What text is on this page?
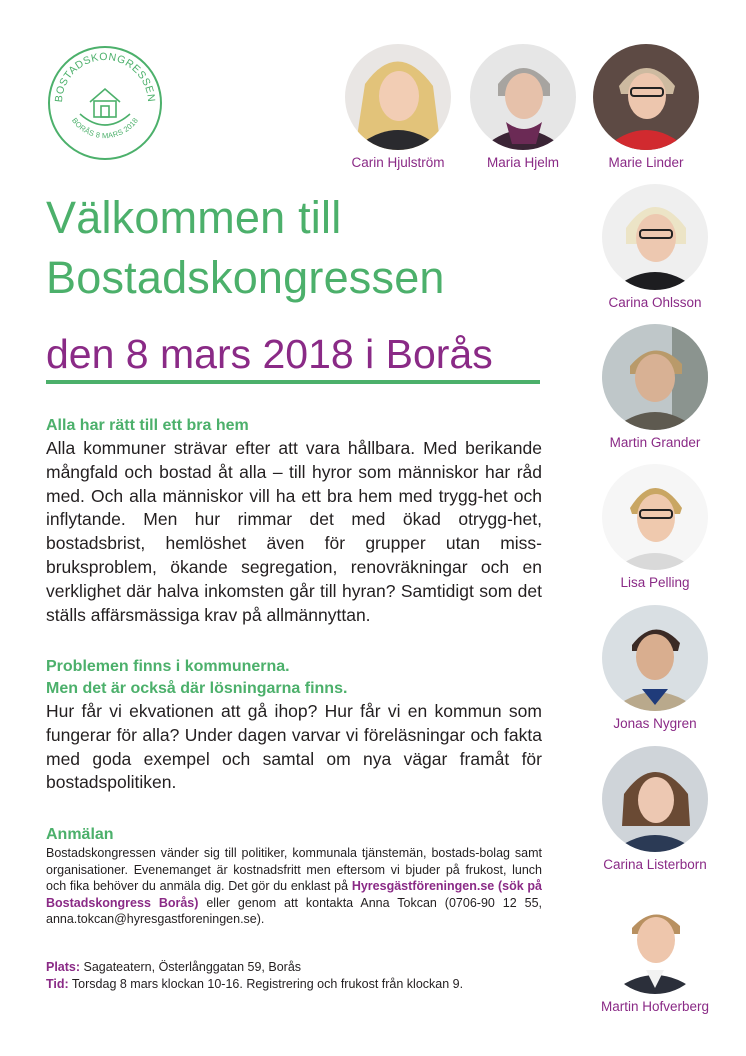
BOSTADSKONGRESSEN
BORÅS 8 MARS 2018
Välkommen till
Bostadskongressen
den 8 mars 2018 i Borås
Alla har rätt till ett bra hem

Alla kommuner strävar efter att vara hållbara. Med berikande mångfald och bostad åt alla – till hyror som människor har råd med. Och alla människor vill ha ett bra hem med trygg-het och inflytande. Men hur rimmar det med ökad otrygg-het, bostadsbrist, hemlöshet även för grupper utan miss-bruksproblem, ökande segregation, renovräkningar och en verklighet där halva inkomsten går till hyran? Samtidigt som det ställs affärsmässiga krav på allmännyttan.

Problemen finns i kommunerna.
Men det är också där lösningarna finns.

Hur får vi ekvationen att gå ihop? Hur får vi en kommun som fungerar för alla? Under dagen varvar vi föreläsningar och fakta med goda exempel och samtal om nya vägar framåt för bostadspolitiken.

Anmälan

Bostadskongressen vänder sig till politiker, kommunala tjänstemän, bostads-bolag samt organisationer. Evenemanget är kostnadsfritt men eftersom vi bjuder på frukost, lunch och fika behöver du anmäla dig. Det gör du enklast på Hyresgästföreningen.se (sök på Bostadskongress Borås) eller genom att kontakta Anna Tokcan (0706-90 12 55, anna.tokcan@hyresgastforeningen.se).

Plats: Sagateatern, Österlånggatan 59, Borås
Tid: Torsdag 8 mars klockan 10-16. Registrering och frukost från klockan 9.
Carin Hjulström	Maria Hjelm	Marie Linder
Carina Ohlsson
Martin Grander
Lisa Pelling
Jonas Nygren
Carina Listerborn
Martin Hofverberg
